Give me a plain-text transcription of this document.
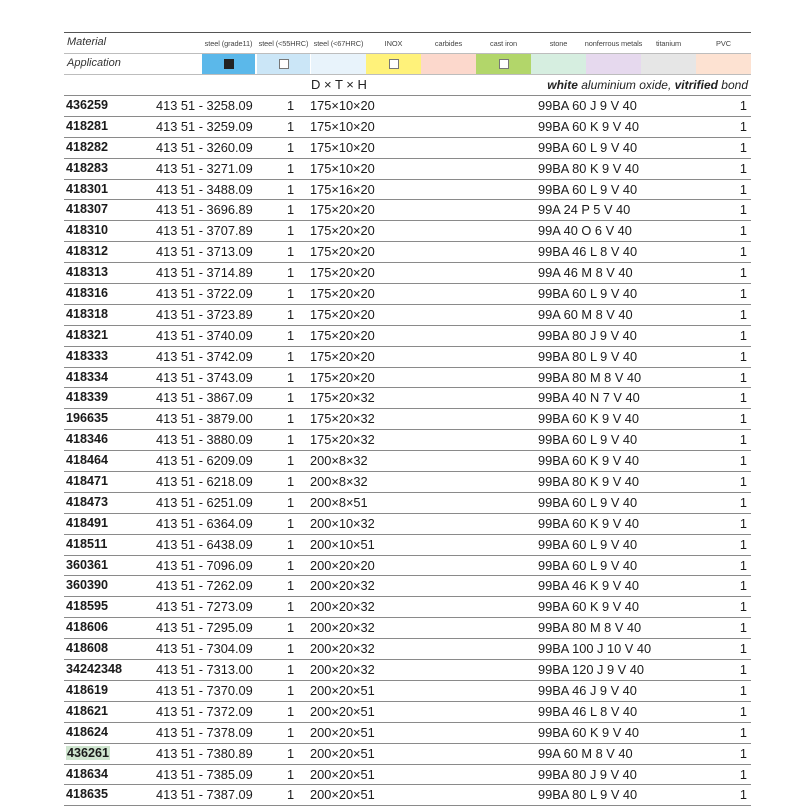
Material	steel (grade11) steel (<55HRC) steel (<67HRC)	INOX	carbides	cast iron	stone	nonferrous metals	titanium	PVC
Application
D × T × H	white aluminium oxide, vitrified bond
436259	413 51 - 3258.09	1 175×10×20	99BA 60 J 9 V 40	1
418281	413 51 - 3259.09	1 175×10×20	99BA 60 K 9 V 40	1
418282	413 51 - 3260.09	1 175×10×20	99BA 60 L 9 V 40	1
418283	413 51 - 3271.09	1 175×10×20	99BA 80 K 9 V 40	1
418301	413 51 - 3488.09	1 175×16×20	99BA 60 L 9 V 40	1
418307	413 51 - 3696.89	1 175×20×20	99A 24 P 5 V 40	1
418310	413 51 - 3707.89	1 175×20×20	99A 40 O 6 V 40	1
418312	413 51 - 3713.09	1 175×20×20	99BA 46 L 8 V 40	1
418313	413 51 - 3714.89	1 175×20×20	99A 46 M 8 V 40	1
418316	413 51 - 3722.09	1 175×20×20	99BA 60 L 9 V 40	1
418318	413 51 - 3723.89	1 175×20×20	99A 60 M 8 V 40	1
418321	413 51 - 3740.09	1 175×20×20	99BA 80 J 9 V 40	1
418333	413 51 - 3742.09	1 175×20×20	99BA 80 L 9 V 40	1
418334	413 51 - 3743.09	1 175×20×20	99BA 80 M 8 V 40	1
418339	413 51 - 3867.09	1 175×20×32	99BA 40 N 7 V 40	1
196635	413 51 - 3879.00	1 175×20×32	99BA 60 K 9 V 40	1
418346	413 51 - 3880.09	1 175×20×32	99BA 60 L 9 V 40	1
418464	413 51 - 6209.09	1 200×8×32	99BA 60 K 9 V 40	1
418471	413 51 - 6218.09	1 200×8×32	99BA 80 K 9 V 40	1
418473	413 51 - 6251.09	1 200×8×51	99BA 60 L 9 V 40	1
418491	413 51 - 6364.09	1 200×10×32	99BA 60 K 9 V 40	1
418511	413 51 - 6438.09	1 200×10×51	99BA 60 L 9 V 40	1
360361	413 51 - 7096.09	1 200×20×20	99BA 60 L 9 V 40	1
360390	413 51 - 7262.09	1 200×20×32	99BA 46 K 9 V 40	1
418595	413 51 - 7273.09	1 200×20×32	99BA 60 K 9 V 40	1
418606	413 51 - 7295.09	1 200×20×32	99BA 80 M 8 V 40	1
418608	413 51 - 7304.09	1 200×20×32	99BA 100 J 10 V 40	1
34242348	413 51 - 7313.00	1 200×20×32	99BA 120 J 9 V 40	1
418619	413 51 - 7370.09	1 200×20×51	99BA 46 J 9 V 40	1
418621	413 51 - 7372.09	1 200×20×51	99BA 46 L 8 V 40	1
418624	413 51 - 7378.09	1 200×20×51	99BA 60 K 9 V 40	1
436261	413 51 - 7380.89	1 200×20×51	99A 60 M 8 V 40	1
418634	413 51 - 7385.09	1 200×20×51	99BA 80 J 9 V 40	1
418635	413 51 - 7387.09	1 200×20×51	99BA 80 L 9 V 40	1
